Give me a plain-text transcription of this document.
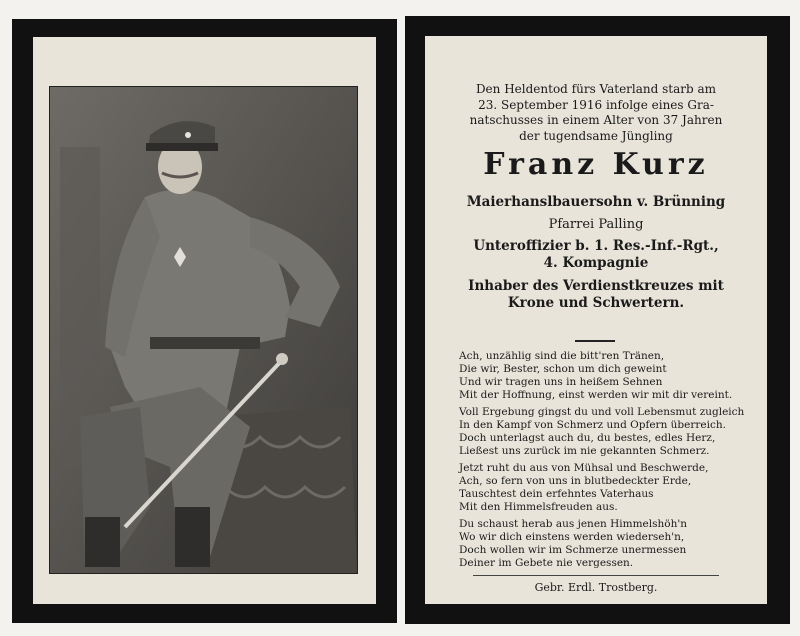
Den Heldentod fürs Vaterland starb am
23. September 1916 infolge eines Gra-
natschusses in einem Alter von 37 Jahren
der tugendsame Jüngling
Franz Kurz
Maierhanslbauersohn v. Brünning
Pfarrei Palling
Unteroffizier b. 1. Res.-Inf.-Rgt.,
4. Kompagnie
Inhaber des Verdienstkreuzes mit
Krone und Schwertern.
Ach, unzählig sind die bitt'ren Tränen,
Die wir, Bester, schon um dich geweint
Und wir tragen uns in heißem Sehnen
Mit der Hoffnung, einst werden wir mit dir vereint.
Voll Ergebung gingst du und voll Lebensmut zugleich
In den Kampf von Schmerz und Opfern überreich.
Doch unterlagst auch du, du bestes, edles Herz,
Ließest uns zurück im nie gekannten Schmerz.
Jetzt ruht du aus von Mühsal und Beschwerde,
Ach, so fern von uns in blutbedeckter Erde,
Tauschtest dein erfehntes Vaterhaus
Mit den Himmelsfreuden aus.
Du schaust herab aus jenen Himmelshöh'n
Wo wir dich einstens werden wiederseh'n,
Doch wollen wir im Schmerze unermessen
Deiner im Gebete nie vergessen.
Gebr. Erdl. Trostberg.
